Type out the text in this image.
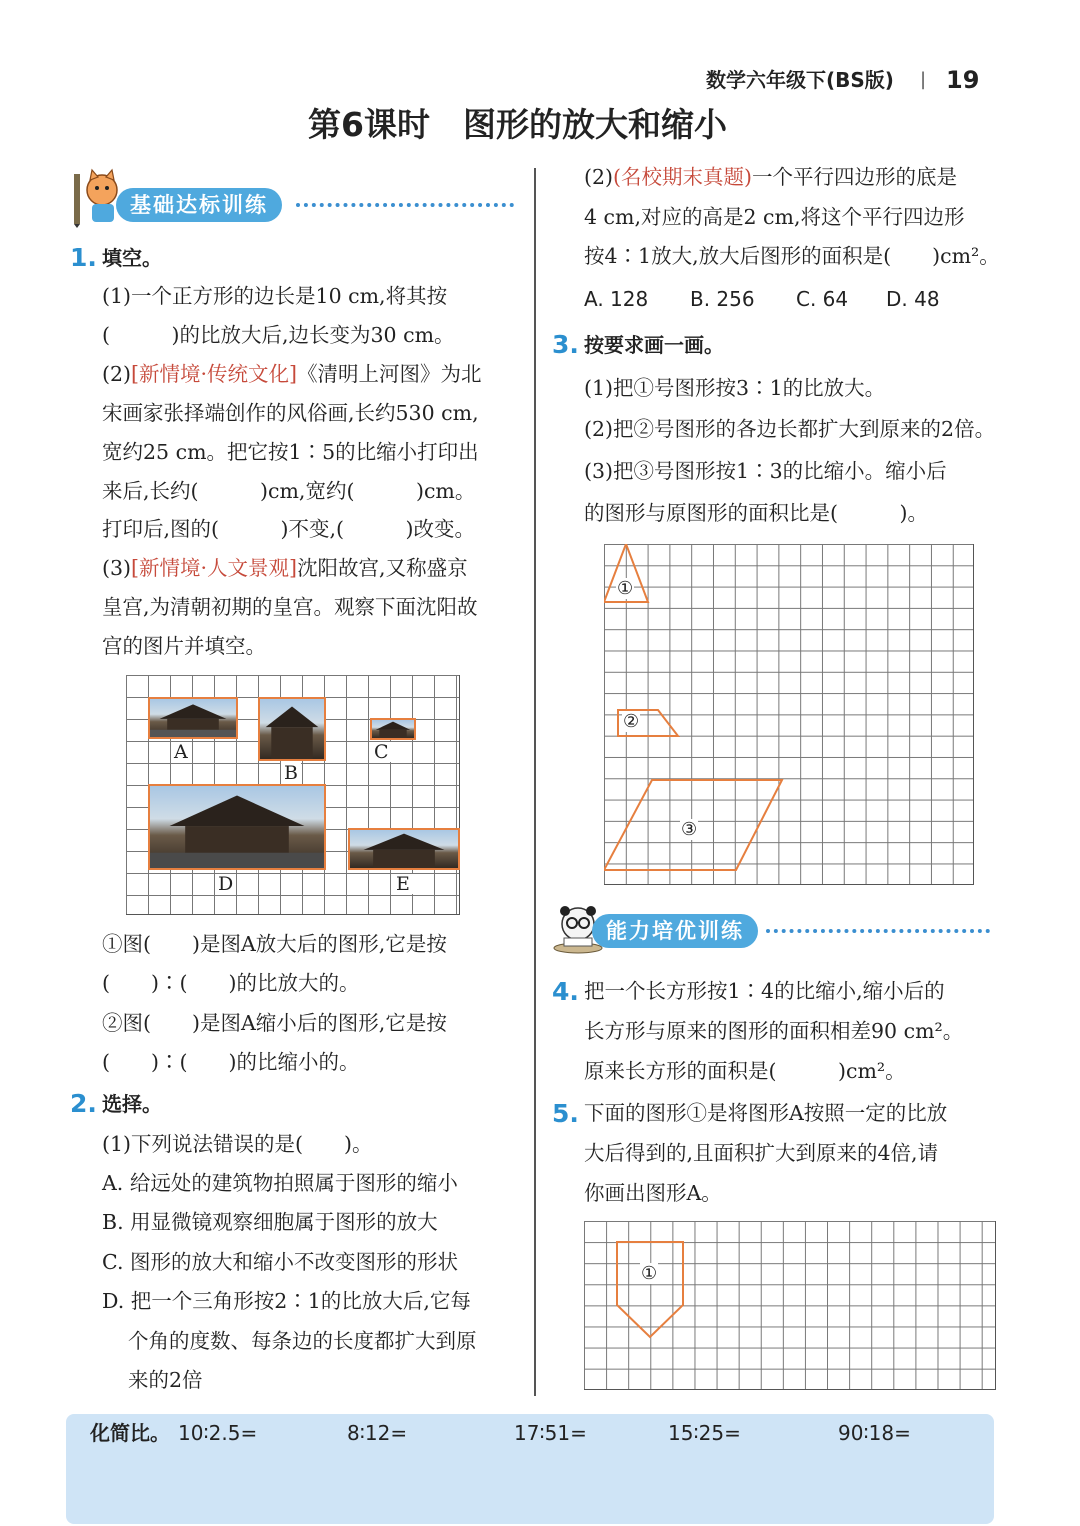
数学六年级下(BS版) | 19
第6课时　图形的放大和缩小
基础达标训练
1. 填空。
(1)一个正方形的边长是10 cm,将其按
(　　　)的比放大后,边长变为30 cm。
(2)[新情境·传统文化]《清明上河图》为北
宋画家张择端创作的风俗画,长约530 cm,
宽约25 cm。把它按1∶5的比缩小打印出
来后,长约(　　　)cm,宽约(　　　)cm。
打印后,图的(　　　)不变,(　　　)改变。
(3)[新情境·人文景观]沈阳故宫,又称盛京
皇宫,为清朝初期的皇宫。观察下面沈阳故
宫的图片并填空。
A
B
C
D	E
①图(　　)是图A放大后的图形,它是按
(　　)∶(　　)的比放大的。
②图(　　)是图A缩小后的图形,它是按
(　　)∶(　　)的比缩小的。
2. 选择。
(1)下列说法错误的是(　　)。
A. 给远处的建筑物拍照属于图形的缩小
B. 用显微镜观察细胞属于图形的放大
C. 图形的放大和缩小不改变图形的形状
D. 把一个三角形按2∶1的比放大后,它每
个角的度数、每条边的长度都扩大到原
来的2倍
(2)(名校期末真题)一个平行四边形的底是
4 cm,对应的高是2 cm,将这个平行四边形
按4∶1放大,放大后图形的面积是(　　)cm²。
A. 128 B. 256 C. 64 D. 48
3. 按要求画一画。
(1)把①号图形按3∶1的比放大。
(2)把②号图形的各边长都扩大到原来的2倍。
(3)把③号图形按1∶3的比缩小。缩小后
的图形与原图形的面积比是(　　　)。
①
②
③
能力培优训练
4. 把一个长方形按1∶4的比缩小,缩小后的
长方形与原来的图形的面积相差90 cm²。
原来长方形的面积是(　　　)cm²。
5. 下面的图形①是将图形A按照一定的比放
大后得到的,且面积扩大到原来的4倍,请
你画出图形A。
①
化简比。 10∶2.5=	8∶12=	17∶51=	15∶25=	90∶18=
